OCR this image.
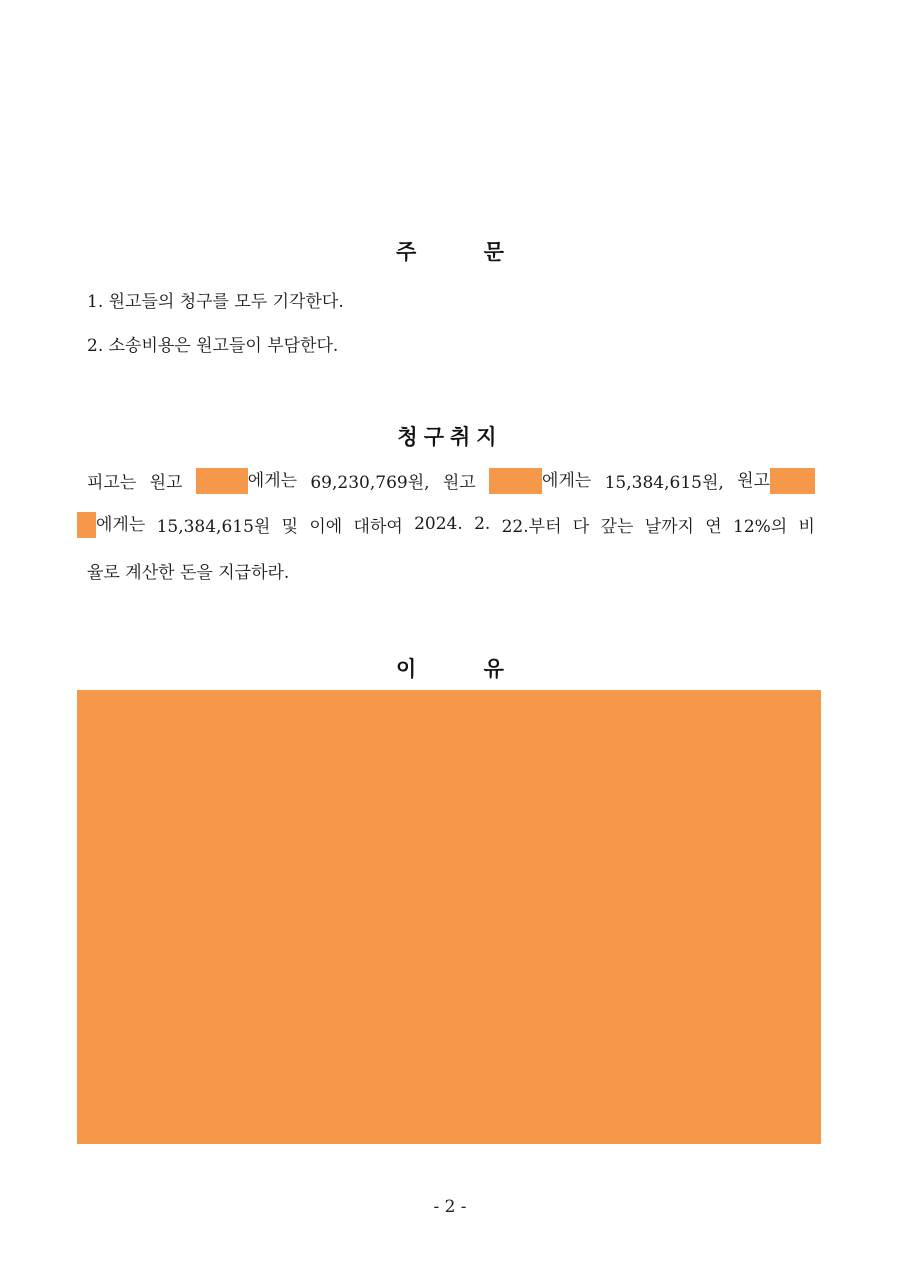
주 문
1. 원고들의 청구를 모두 기각한다.
2. 소송비용은 원고들이 부담한다.
청구취지
피고는 원고	에게는 69,230,769원, 원고	에게는 15,384,615원, 원고
에게는 15,384,615원 및 이에 대하여 2024. 2. 22.부터 다 갚는 날까지 연 12%의 비
율로 계산한 돈을 지급하라.
이 유
- 2 -
